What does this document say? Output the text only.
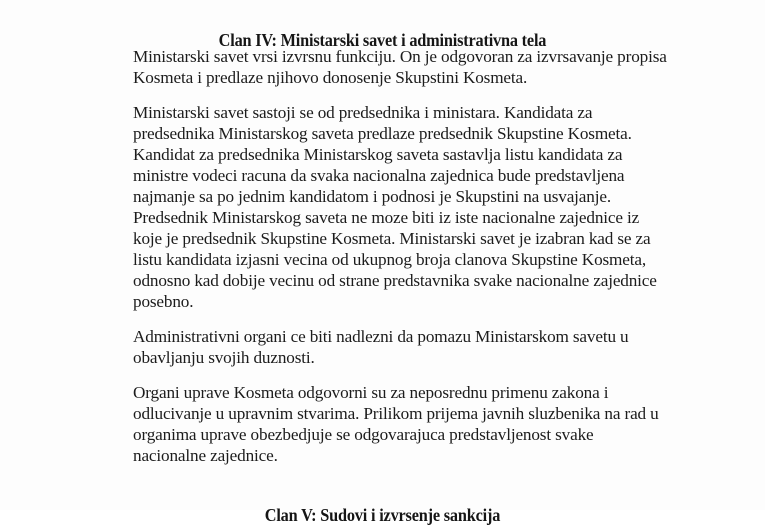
Clan IV: Ministarski savet i administrativna tela

Ministarski savet vrsi izvrsnu funkciju. On je odgovoran za izvrsavanje propisa
Kosmeta i predlaze njihovo donosenje Skupstini Kosmeta.

Ministarski savet sastoji se od predsednika i ministara. Kandidata za
predsednika Ministarskog saveta predlaze predsednik Skupstine Kosmeta.
Kandidat za predsednika Ministarskog saveta sastavlja listu kandidata za
ministre vodeci racuna da svaka nacionalna zajednica bude predstavljena
najmanje sa po jednim kandidatom i podnosi je Skupstini na usvajanje.
Predsednik Ministarskog saveta ne moze biti iz iste nacionalne zajednice iz
koje je predsednik Skupstine Kosmeta. Ministarski savet je izabran kad se za
listu kandidata izjasni vecina od ukupnog broja clanova Skupstine Kosmeta,
odnosno kad dobije vecinu od strane predstavnika svake nacionalne zajednice
posebno.

Administrativni organi ce biti nadlezni da pomazu Ministarskom savetu u
obavljanju svojih duznosti.

Organi uprave Kosmeta odgovorni su za neposrednu primenu zakona i
odlucivanje u upravnim stvarima. Prilikom prijema javnih sluzbenika na rad u
organima uprave obezbedjuje se odgovarajuca predstavljenost svake
nacionalne zajednice.

Clan V: Sudovi i izvrsenje sankcija
